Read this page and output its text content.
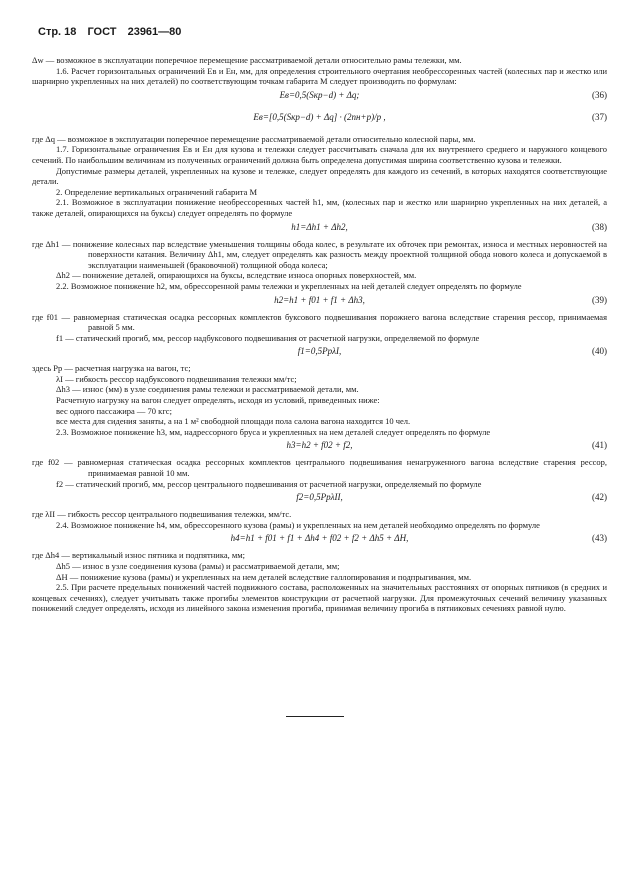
Стр. 18 ГОСТ 23961—80

Δw — возможное в эксплуатации поперечное перемещение рассматриваемой детали относительно рамы тележки, мм.

1.6. Расчет горизонтальных ограничений Eв и Eн, мм, для определения строительного очертания необрессоренных частей (колесных пар и жестко или шарнирно укрепленных на них деталей) по соответствующим точкам габарита M следует производить по формулам:

Eв=0,5(Sкр−d) + Δq;	(36)
Eв=[0,5(Sкр−d) + Δq] · (2nн+p)/p ,	(37)

где Δq — возможное в эксплуатации поперечное перемещение рассматриваемой детали относительно колесной пары, мм.

1.7. Горизонтальные ограничения Eв и Eн для кузова и тележки следует рассчитывать сначала для их внутреннего среднего и наружного концевого сечений. По наибольшим величинам из полученных ограничений должна быть определена допустимая ширина соответственно кузова и тележки.

Допустимые размеры деталей, укрепленных на кузове и тележке, следует определять для каждого из сечений, в которых находятся соответствующие детали.

2. Определение вертикальных ограничений габарита M

2.1. Возможное в эксплуатации понижение необрессоренных частей h1, мм, (колесных пар и жестко или шарнирно укрепленных на них деталей, а также деталей, опирающихся на буксы) следует определять по формуле

h1=Δh1 + Δh2,	(38)

где Δh1 — понижение колесных пар вследствие уменьшения толщины обода колес, в результате их обточек при ремонтах, износа и местных неровностей на поверхности катания. Величину Δh1, мм, следует определять как разность между проектной толщиной обода нового колеса и допускаемой в эксплуатации наименьшей (браковочной) толщиной обода колеса;

Δh2 — понижение деталей, опирающихся на буксы, вследствие износа опорных поверхностей, мм.

2.2. Возможное понижение h2, мм, обрессоренной рамы тележки и укрепленных на ней деталей следует определять по формуле

h2=h1 + f01 + f1 + Δh3,	(39)

где f01 — равномерная статическая осадка рессорных комплектов буксового подвешивания порожнего вагона вследствие старения рессор, принимаемая равной 5 мм.

f1 — статический прогиб, мм, рессор надбуксового подвешивания от расчетной нагрузки, определяемой по формуле

f1=0,5PpλI,	(40)

здесь Pp — расчетная нагрузка на вагон, тс;

λI — гибкость рессор надбуксового подвешивания тележки мм/тс;

Δh3 — износ (мм) в узле соединения рамы тележки и рассматриваемой детали, мм.

Расчетную нагрузку на вагон следует определять, исходя из условий, приведенных ниже:

вес одного пассажира — 70 кгс;

все места для сидения заняты, а на 1 м² свободной площади пола салона вагона находится 10 чел.

2.3. Возможное понижение h3, мм, надрессорного бруса и укрепленных на нем деталей следует определять по формуле

h3=h2 + f02 + f2,	(41)

где f02 — равномерная статическая осадка рессорных комплектов центрального подвешивания ненагруженного вагона вследствие старения рессор, принимаемая равной 10 мм.

f2 — статический прогиб, мм, рессор центрального подвешивания от расчетной нагрузки, определяемый по формуле

f2=0,5PpλII,	(42)

где λII — гибкость рессор центрального подвешивания тележки, мм/тс.

2.4. Возможное понижение h4, мм, обрессоренного кузова (рамы) и укрепленных на нем деталей необходимо определять по формуле

h4=h1 + f01 + f1 + Δh4 + f02 + f2 + Δh5 + ΔH,	(43)

где Δh4 — вертикальный износ пятника и подпятника, мм;

Δh5 — износ в узле соединения кузова (рамы) и рассматриваемой детали, мм;

ΔH — понижение кузова (рамы) и укрепленных на нем деталей вследствие галлопирования и подпрыгивания, мм.

2.5. При расчете предельных понижений частей подвижного состава, расположенных на значительных расстояниях от опорных пятников (в средних и концевых сечениях), следует учитывать также прогибы элементов конструкции от расчетной нагрузки. Для промежуточных сечений величину указанных понижений следует определять, исходя из линейного закона изменения прогиба, принимая величину прогиба в пятниковых сечениях равной нулю.
